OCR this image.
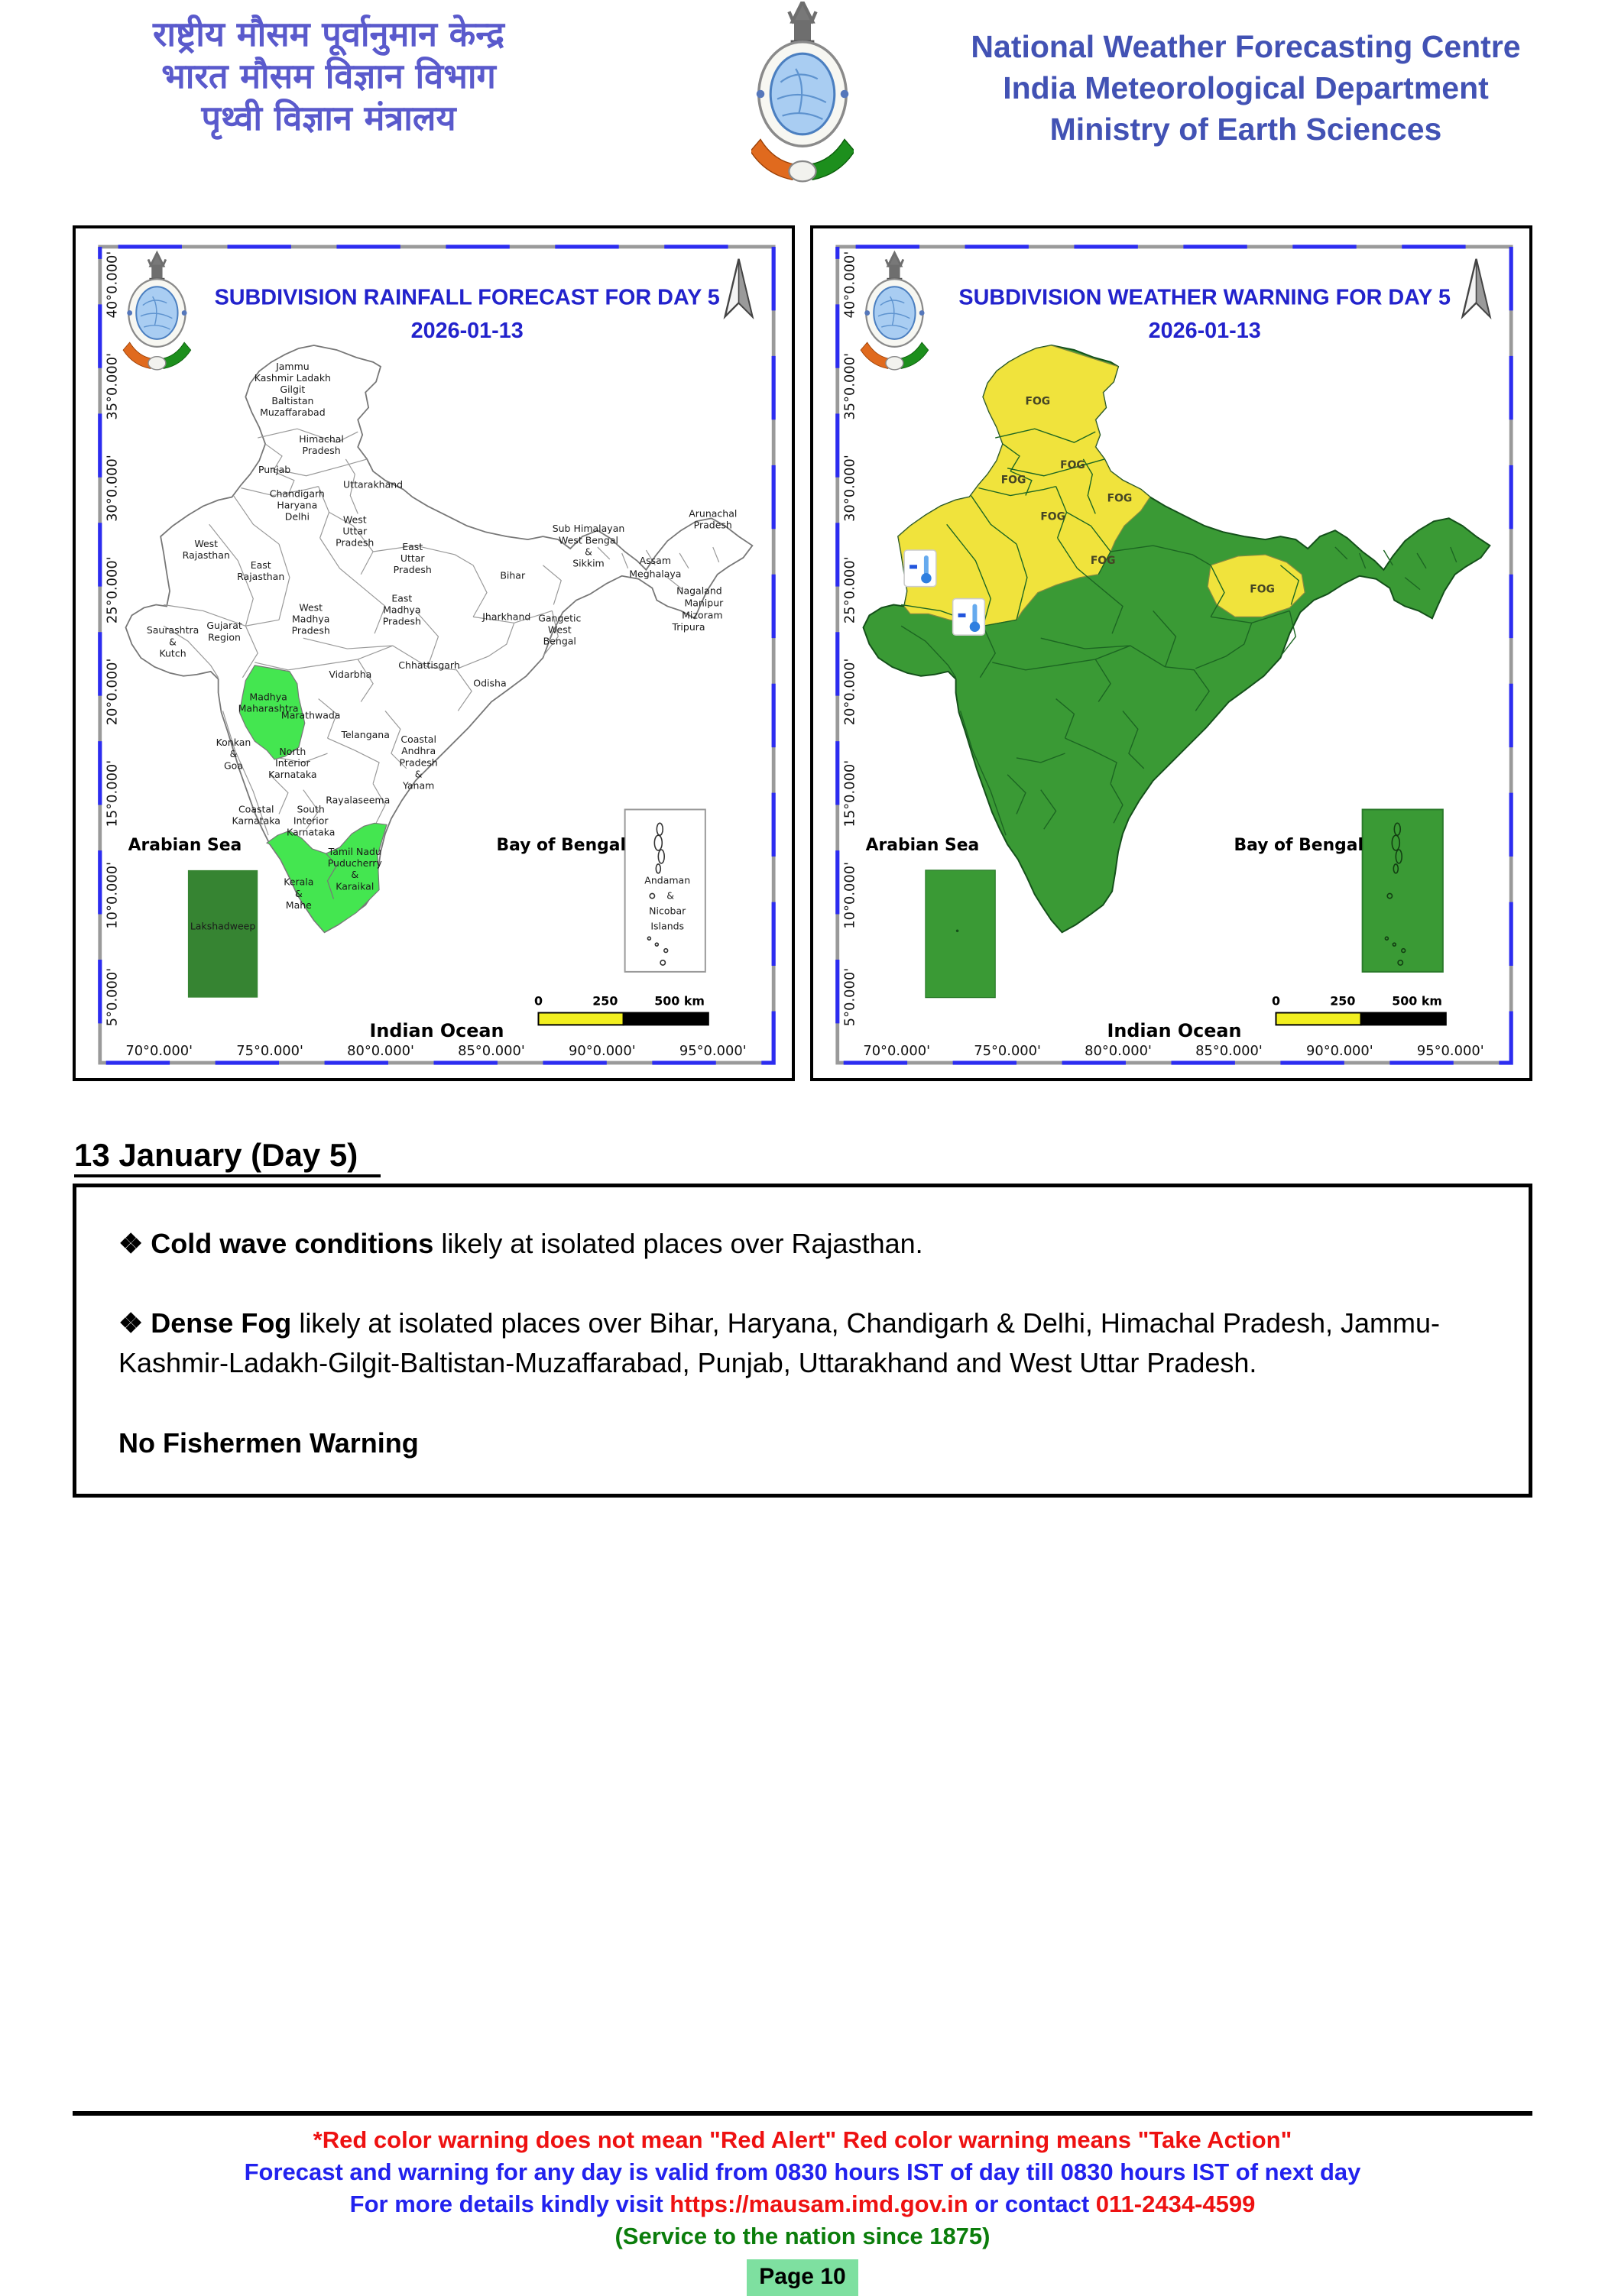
राष्ट्रीय मौसम पूर्वानुमान केन्द्र
भारत मौसम विज्ञान विभाग
पृथ्वी विज्ञान मंत्रालय
National Weather Forecasting Centre
India Meteorological Department
Ministry of Earth Sciences
SUBDIVISION RAINFALL FORECAST FOR DAY 5
2026-01-13
Jammu Kashmir Ladakh Gilgit Baltistan Muzaffarabad
Himachal Pradesh
Punjab
Uttarakhand
Chandigarh Haryana Delhi	West Uttar Pradesh
West Rajasthan
East Rajasthan
Sub Himalayan West Bengal & Sikkim
Arunachal Pradesh
East Uttar Pradesh
Bihar
Assam
Meghalaya
Nagaland
Manipur
Mizoram
Tripura
Jharkhand Gangetic West Bengal
East Madhya Pradesh
West Madhya Pradesh
Chhattisgarh
Odisha
Saurashtra & Kutch
Gujarat Region
Vidarbha
Madhya Maharashtra
Marathwada
Konkan & Goa
Telangana Coastal Andhra Pradesh & Yanam
North Interior Karnataka
Rayalaseema
Coastal Karnataka
South Interior Karnataka
Tamil Nadu Puducherry & Karaikal
Kerala & Mahe
Lakshadweep
Andaman
&
Nicobar
Islands
Arabian Sea	Bay of Bengal
Indian Ocean
0	250	500 km
40°0.000'
35°0.000'
30°0.000'
25°0.000'
20°0.000'
15°0.000'
10°0.000'
5°0.000'
70°0.000'	75°0.000'	80°0.000'	85°0.000'	90°0.000'	95°0.000'
SUBDIVISION WEATHER WARNING FOR DAY 5
2026-01-13
FOG
FOG
FOG
FOG
FOG
FOG
FOG
Arabian Sea	Bay of Bengal
Indian Ocean
0	250	500 km
40°0.000'
35°0.000'
30°0.000'
25°0.000'
20°0.000'
15°0.000'
10°0.000'
5°0.000'
70°0.000'	75°0.000'	80°0.000'	85°0.000'	90°0.000'	95°0.000'
13 January (Day 5)

❖ Cold wave conditions likely at isolated places over Rajasthan.

❖ Dense Fog likely at isolated places over Bihar, Haryana, Chandigarh & Delhi, Himachal Pradesh, Jammu-Kashmir-Ladakh-Gilgit-Baltistan-Muzaffarabad, Punjab, Uttarakhand and West Uttar Pradesh.

No Fishermen Warning

*Red color warning does not mean "Red Alert" Red color warning means "Take Action"
Forecast and warning for any day is valid from 0830 hours IST of day till 0830 hours IST of next day
For more details kindly visit https://mausam.imd.gov.in or contact 011-2434-4599
(Service to the nation since 1875)
Page 10
